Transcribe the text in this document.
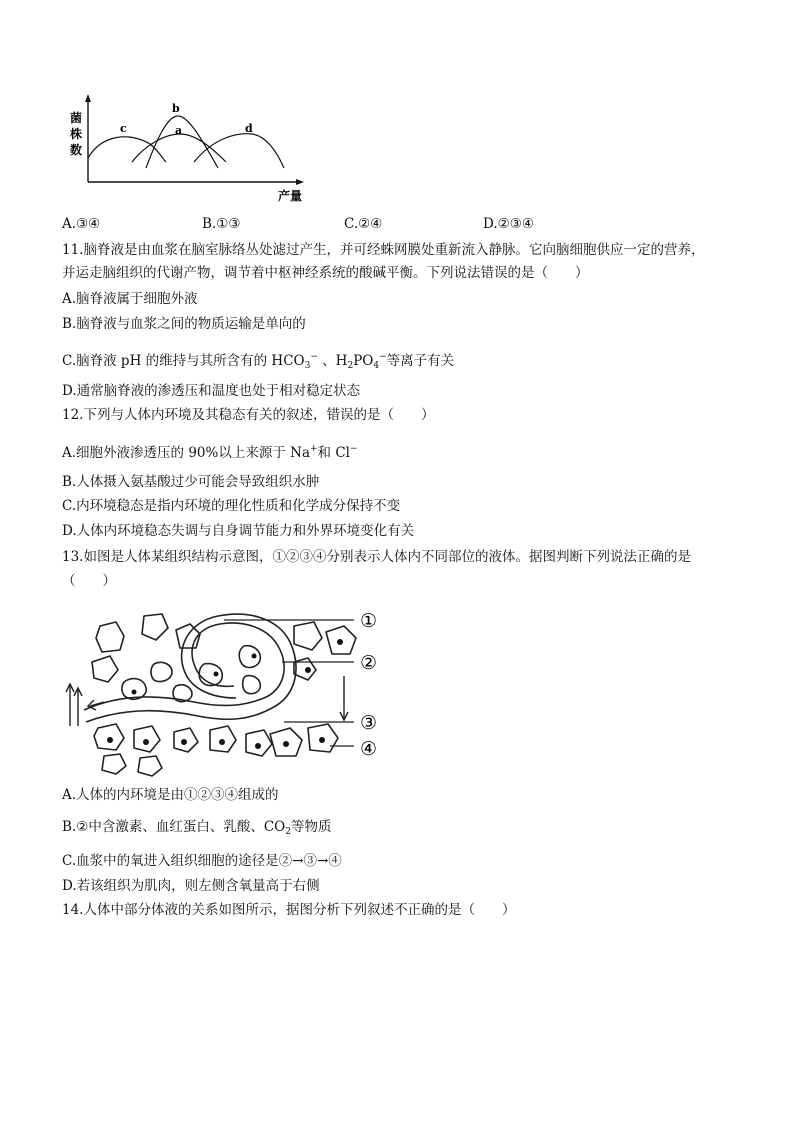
菌
株
数
产量
c
b
a	d
A.③④	B.①③	C.②④	D.②③④
11.脑脊液是由血浆在脑室脉络丛处滤过产生，并可经蛛网膜处重新流入静脉。它向脑细胞供应一定的营养，
并运走脑组织的代谢产物，调节着中枢神经系统的酸碱平衡。下列说法错误的是（　　）
A.脑脊液属于细胞外液
B.脑脊液与血浆之间的物质运输是单向的
C.脑脊液 pH 的维持与其所含有的 $HCO_3^-$ 、$H_2PO_4^-$等离子有关
D.通常脑脊液的渗透压和温度也处于相对稳定状态
12.下列与人体内环境及其稳态有关的叙述，错误的是（　　）
A.细胞外液渗透压的 90%以上来源于 Na+和 Cl−
B.人体摄入氨基酸过少可能会导致组织水肿
C.内环境稳态是指内环境的理化性质和化学成分保持不变
D.人体内环境稳态失调与自身调节能力和外界环境变化有关
13.如图是人体某组织结构示意图，①②③④分别表示人体内不同部位的液体。据图判断下列说法正确的是
（　　）
①
②
③
④
A.人体的内环境是由①②③④组成的
B.②中含激素、血红蛋白、乳酸、$CO_2$等物质
C.血浆中的氧进入组织细胞的途径是②→③→④
D.若该组织为肌肉，则左侧含氧量高于右侧
14.人体中部分体液的关系如图所示，据图分析下列叙述不正确的是（　　）
